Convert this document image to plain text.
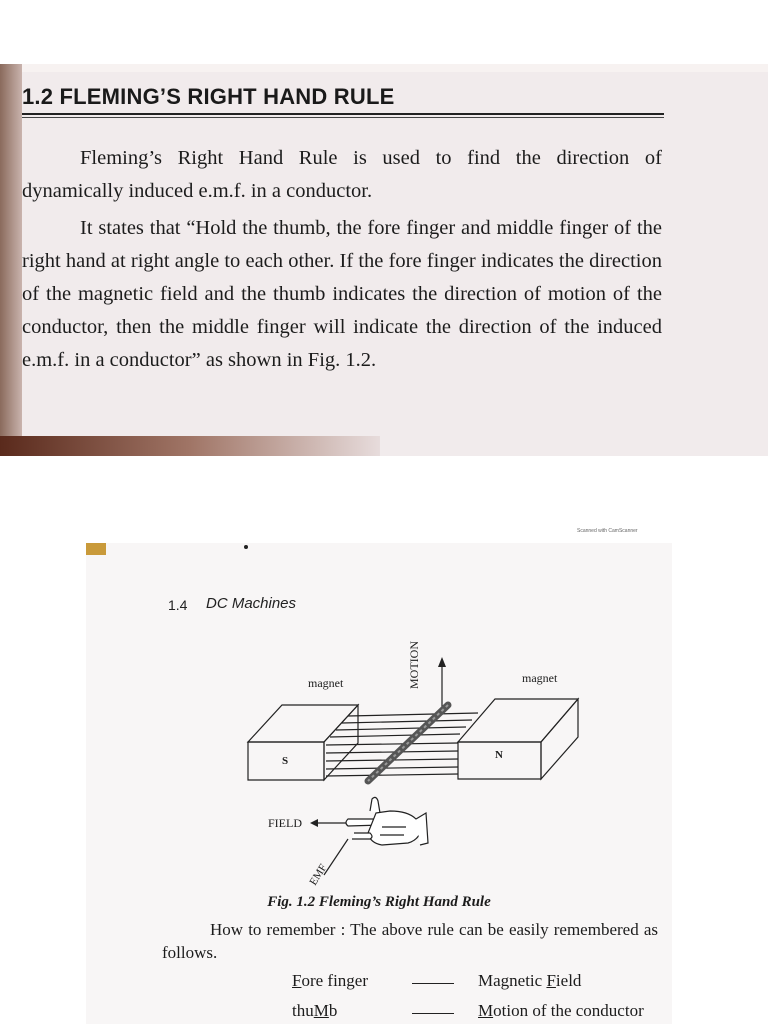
1.2 FLEMING’S RIGHT HAND RULE

Fleming’s Right Hand Rule is used to find the direction of dynamically induced e.m.f. in a conductor.

It states that “Hold the thumb, the fore finger and middle finger of the right hand at right angle to each other. If the fore finger indicates the direction of the magnetic field and the thumb indicates the direction of motion of the conductor, then the middle finger will indicate the direction of the induced e.m.f. in a conductor” as shown in Fig. 1.2.

Scanned with CamScanner
1.4 DC Machines
magnet	magnet
MOTION
S	N
FIELD
EMF
Fig. 1.2 Fleming’s Right Hand Rule

How to remember : The above rule can be easily remembered as follows.

Fore finger	Magnetic Field
thuMb	Motion of the conductor
